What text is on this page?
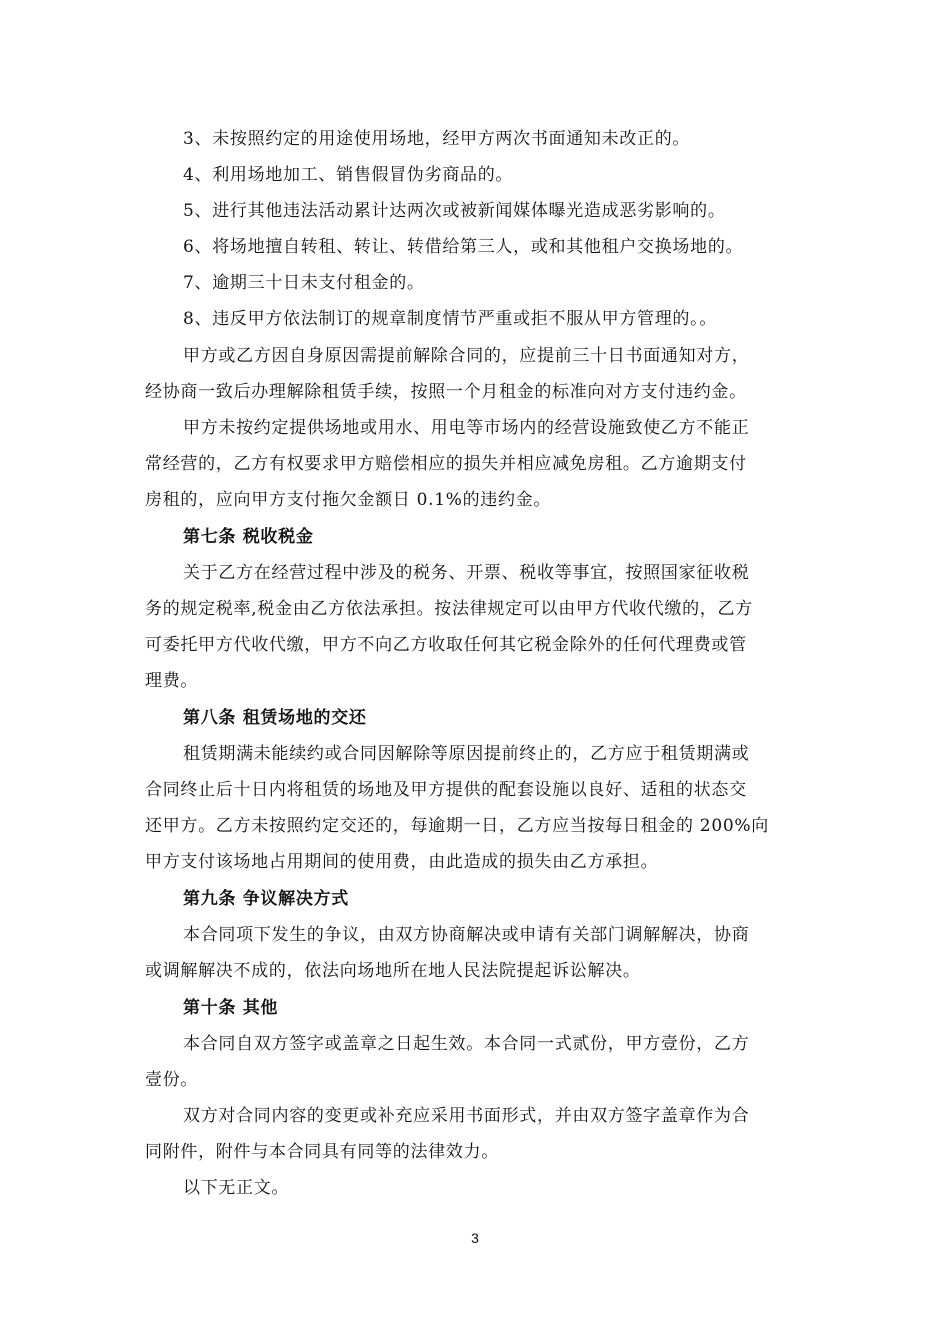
3、未按照约定的用途使用场地，经甲方两次书面通知未改正的。
4、利用场地加工、销售假冒伪劣商品的。
5、进行其他违法活动累计达两次或被新闻媒体曝光造成恶劣影响的。
6、将场地擅自转租、转让、转借给第三人，或和其他租户交换场地的。
7、逾期三十日未支付租金的。
8、违反甲方依法制订的规章制度情节严重或拒不服从甲方管理的。。
甲方或乙方因自身原因需提前解除合同的，应提前三十日书面通知对方，
经协商一致后办理解除租赁手续，按照一个月租金的标准向对方支付违约金。
甲方未按约定提供场地或用水、用电等市场内的经营设施致使乙方不能正
常经营的，乙方有权要求甲方赔偿相应的损失并相应减免房租。乙方逾期支付
房租的，应向甲方支付拖欠金额日 0.1%的违约金。
第七条 税收税金
关于乙方在经营过程中涉及的税务、开票、税收等事宜，按照国家征收税
务的规定税率,税金由乙方依法承担。按法律规定可以由甲方代收代缴的，乙方
可委托甲方代收代缴，甲方不向乙方收取任何其它税金除外的任何代理费或管
理费。
第八条 租赁场地的交还
租赁期满未能续约或合同因解除等原因提前终止的，乙方应于租赁期满或
合同终止后十日内将租赁的场地及甲方提供的配套设施以良好、适租的状态交
还甲方。乙方未按照约定交还的，每逾期一日，乙方应当按每日租金的 200%向
甲方支付该场地占用期间的使用费，由此造成的损失由乙方承担。
第九条 争议解决方式
本合同项下发生的争议，由双方协商解决或申请有关部门调解解决，协商
或调解解决不成的，依法向场地所在地人民法院提起诉讼解决。
第十条 其他
本合同自双方签字或盖章之日起生效。本合同一式贰份，甲方壹份，乙方
壹份。
双方对合同内容的变更或补充应采用书面形式，并由双方签字盖章作为合
同附件，附件与本合同具有同等的法律效力。
以下无正文。
3
